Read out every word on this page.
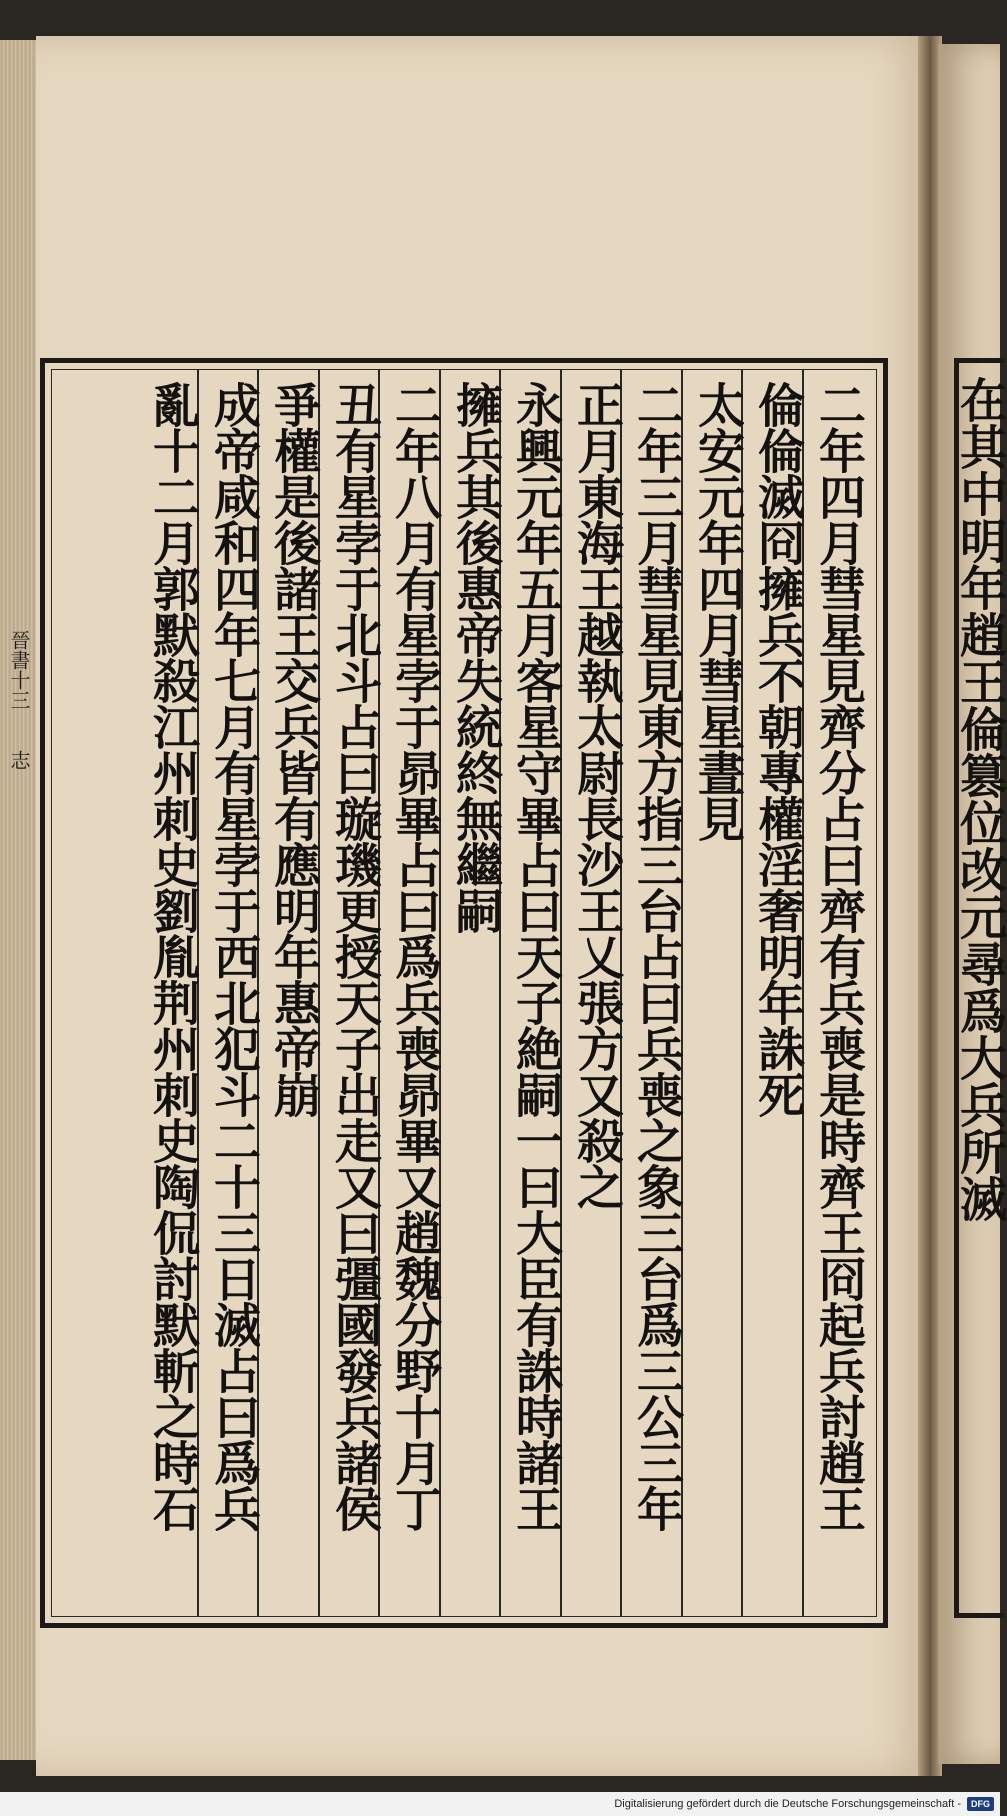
晉書十三　　志	二年四月彗星見齊分占曰齊有兵喪是時齊王冏起兵討趙王
倫倫滅冏擁兵不朝專權淫奢明年誅死
太安元年四月彗星晝見
二年三月彗星見東方指三台占曰兵喪之象三台爲三公三年
正月東海王越執太尉長沙王乂張方又殺之
永興元年五月客星守畢占曰天子絶嗣一曰大臣有誅時諸王
擁兵其後惠帝失統終無繼嗣
二年八月有星孛于昴畢占曰爲兵喪昴畢又趙魏分野十月丁
丑有星孛于北斗占曰璇璣更授天子出走又曰彊國發兵諸侯
爭權是後諸王交兵皆有應明年惠帝崩
成帝咸和四年七月有星孛于西北犯斗二十三日滅占曰爲兵
亂十二月郭默殺江州刺史劉胤荆州刺史陶侃討默斬之時石	在其中明年趙王倫篡位改元尋爲大兵所滅
Digitalisierung gefördert durch die Deutsche Forschungsgemeinschaft -	DFG
